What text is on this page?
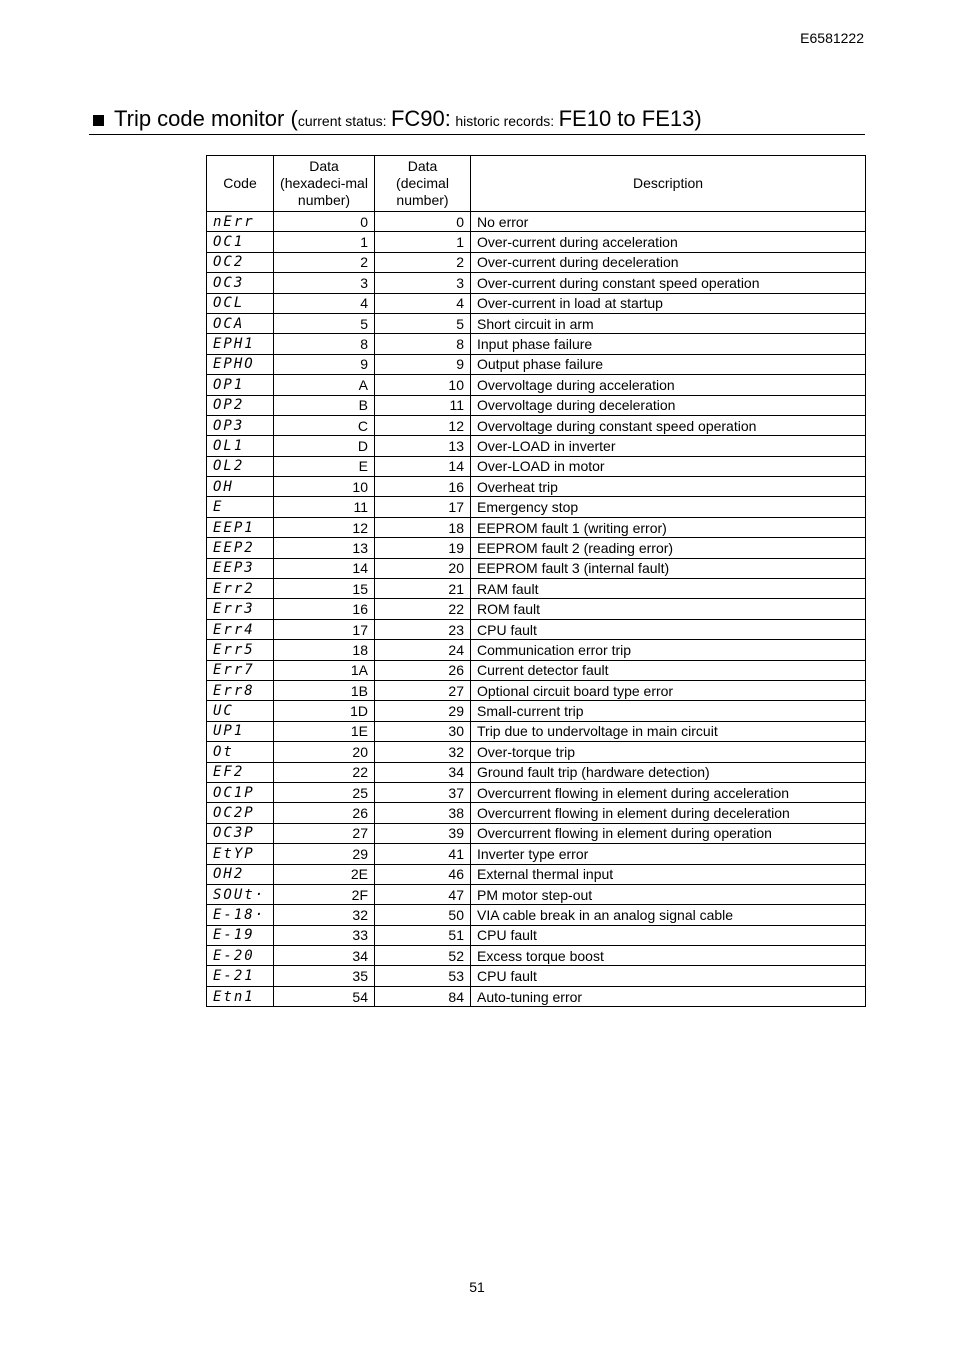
E6581222
Trip code monitor (current status: FC90: historic records: FE10 to FE13)
Code	Data (hexadeci-mal number)	Data (decimal number)	Description
nErr	0	0	No error
OC1	1	1	Over-current during acceleration
OC2	2	2	Over-current during deceleration
OC3	3	3	Over-current during constant speed operation
OCL	4	4	Over-current in load at startup
OCA	5	5	Short circuit in arm
EPH1	8	8	Input phase failure
EPHO	9	9	Output phase failure
OP1	A	10	Overvoltage during acceleration
OP2	B	11	Overvoltage during deceleration
OP3	C	12	Overvoltage during constant speed operation
OL1	D	13	Over-LOAD in inverter
OL2	E	14	Over-LOAD in motor
OH	10	16	Overheat trip
E	11	17	Emergency stop
EEP1	12	18	EEPROM fault 1 (writing error)
EEP2	13	19	EEPROM fault 2 (reading error)
EEP3	14	20	EEPROM fault 3 (internal fault)
Err2	15	21	RAM fault
Err3	16	22	ROM fault
Err4	17	23	CPU fault
Err5	18	24	Communication error trip
Err7	1A	26	Current detector fault
Err8	1B	27	Optional circuit board type error
UC	1D	29	Small-current trip
UP1	1E	30	Trip due to undervoltage in main circuit
Ot	20	32	Over-torque trip
EF2	22	34	Ground fault trip (hardware detection)
OC1P	25	37	Overcurrent flowing in element during acceleration
OC2P	26	38	Overcurrent flowing in element during deceleration
OC3P	27	39	Overcurrent flowing in element during operation
EtYP	29	41	Inverter type error
OH2	2E	46	External thermal input
SOUt·	2F	47	PM motor step-out
E-18·	32	50	VIA cable break in an analog signal cable
E-19	33	51	CPU fault
E-20	34	52	Excess torque boost
E-21	35	53	CPU fault
Etn1	54	84	Auto-tuning error
51
